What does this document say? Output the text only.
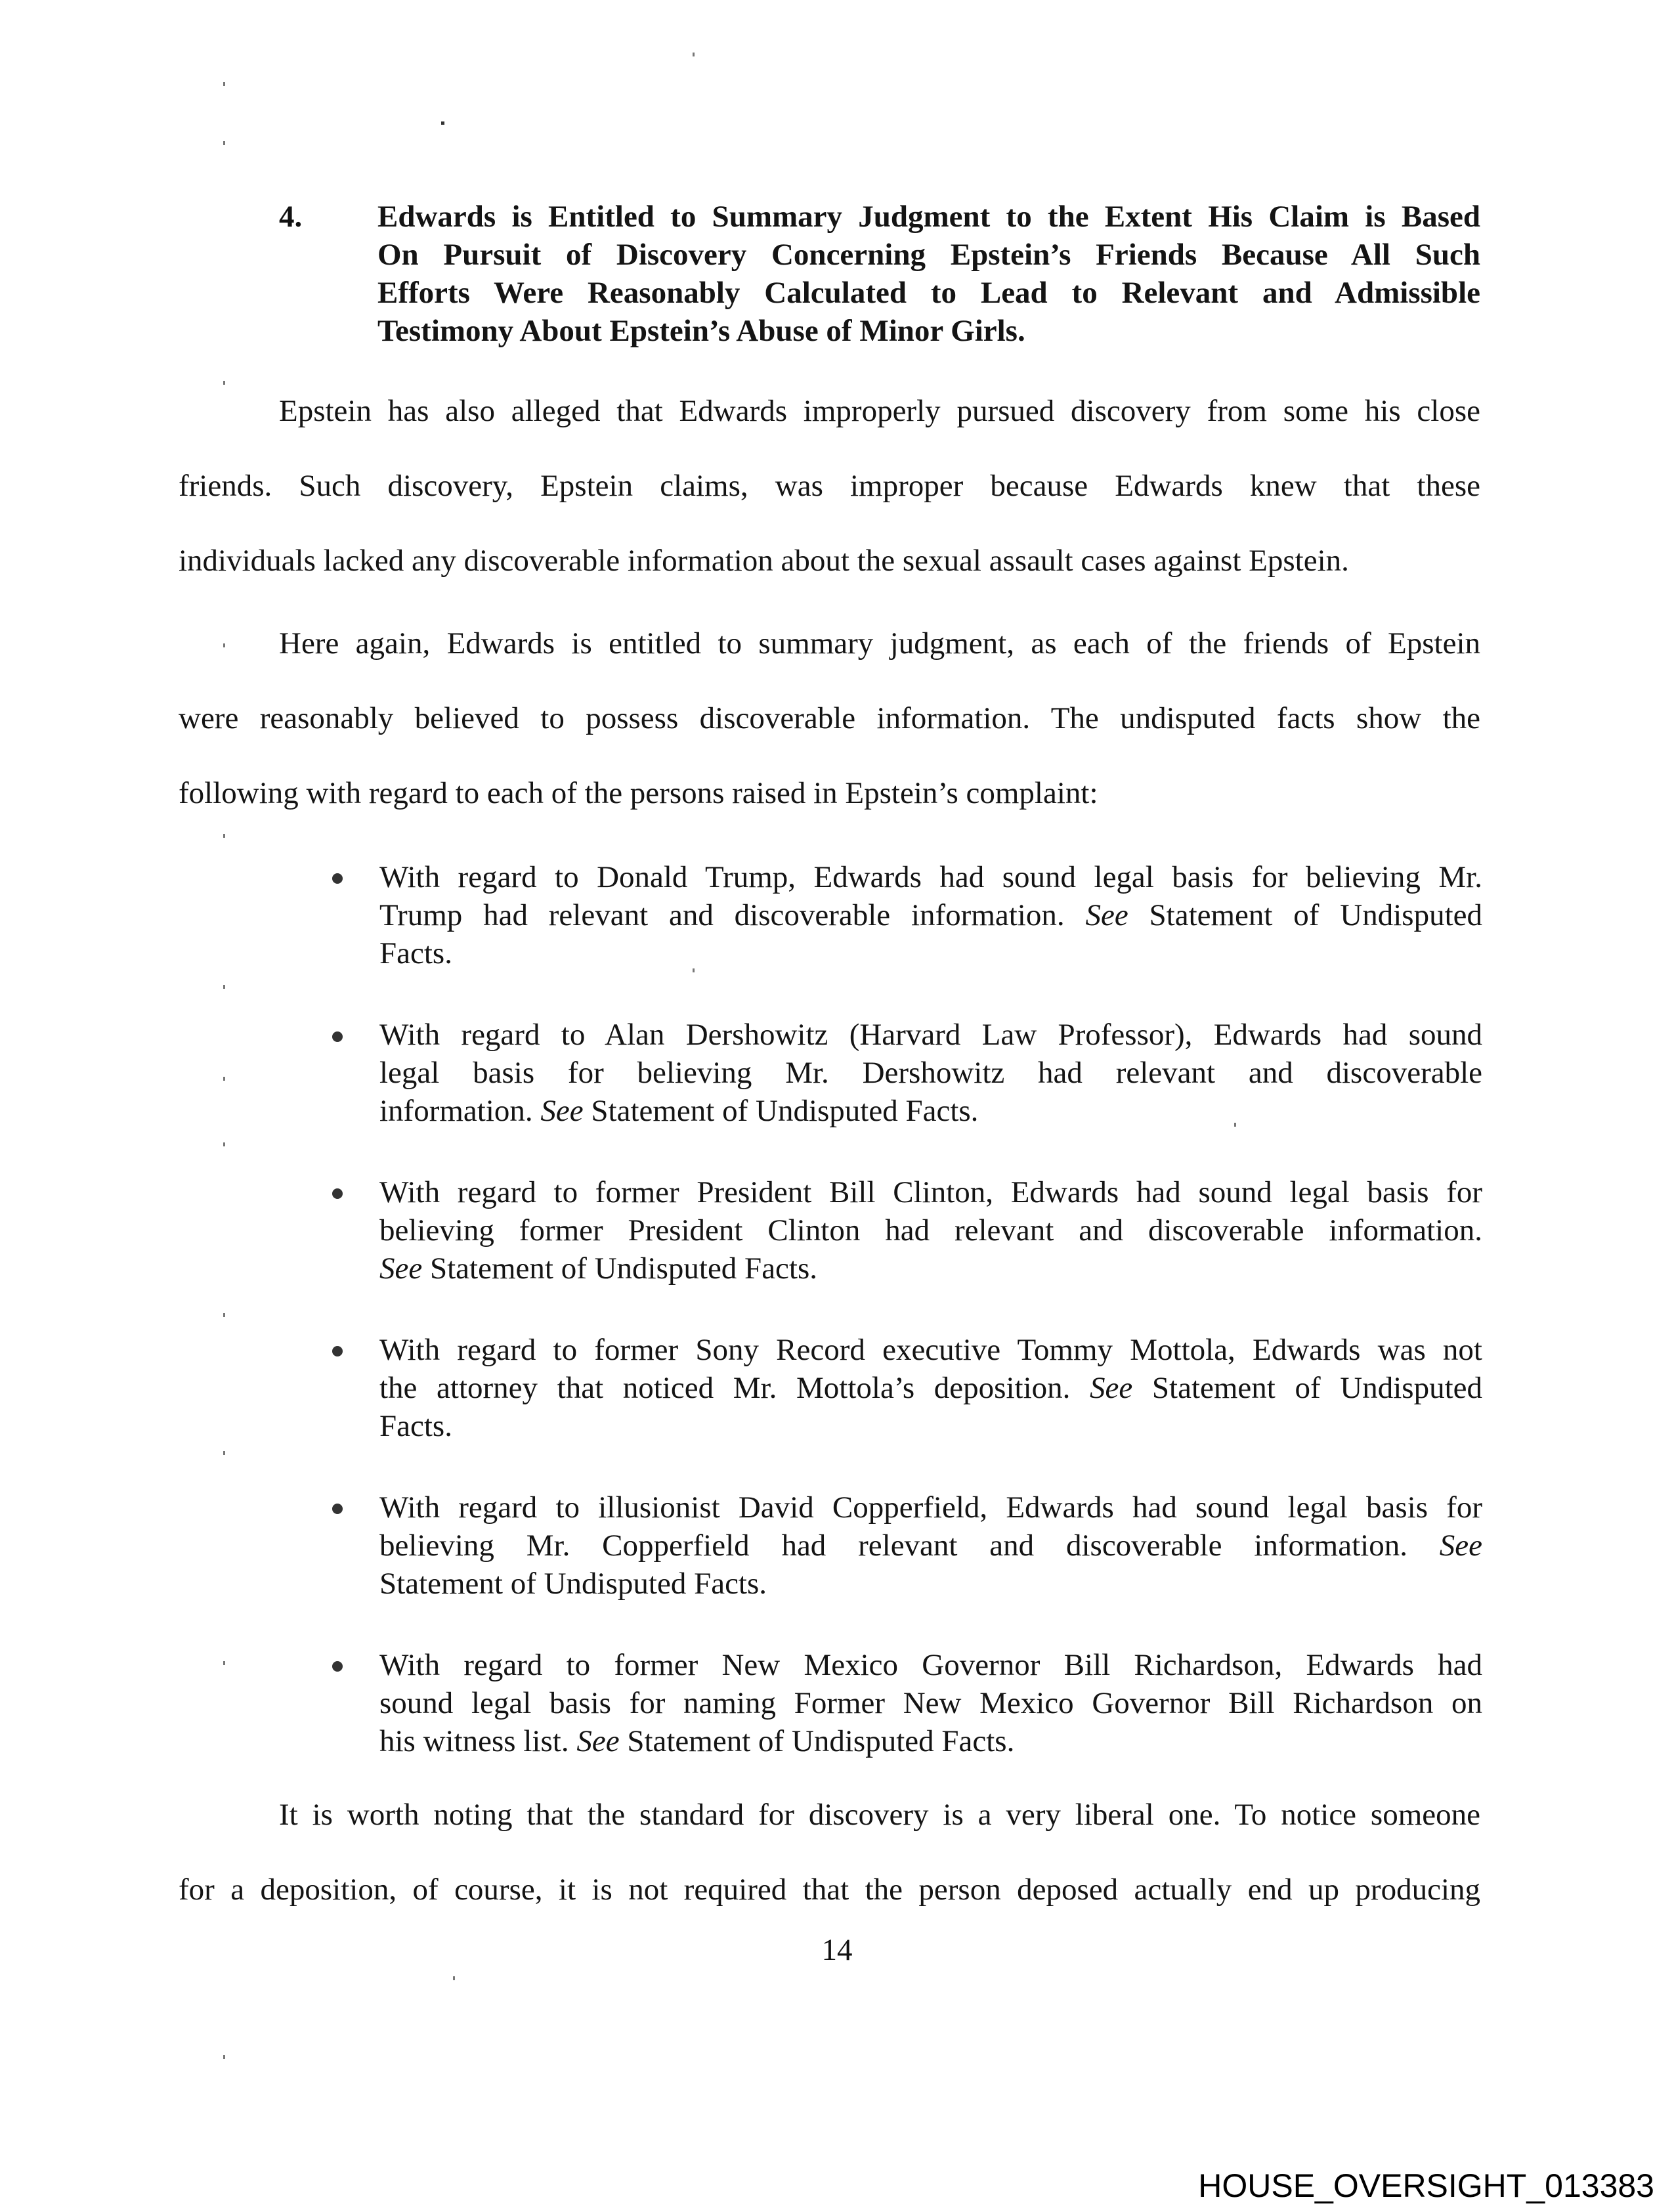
4. Edwards is Entitled to Summary Judgment to the Extent His Claim is Based
On Pursuit of Discovery Concerning Epstein’s Friends Because All Such
Efforts Were Reasonably Calculated to Lead to Relevant and Admissible
Testimony About Epstein’s Abuse of Minor Girls.
Epstein has also alleged that Edwards improperly pursued discovery from some his close
friends. Such discovery, Epstein claims, was improper because Edwards knew that these
individuals lacked any discoverable information about the sexual assault cases against Epstein.
Here again, Edwards is entitled to summary judgment, as each of the friends of Epstein
were reasonably believed to possess discoverable information. The undisputed facts show the
following with regard to each of the persons raised in Epstein’s complaint:
With regard to Donald Trump, Edwards had sound legal basis for believing Mr.
Trump had relevant and discoverable information. See Statement of Undisputed
Facts.
With regard to Alan Dershowitz (Harvard Law Professor), Edwards had sound
legal basis for believing Mr. Dershowitz had relevant and discoverable
information. See Statement of Undisputed Facts.
With regard to former President Bill Clinton, Edwards had sound legal basis for
believing former President Clinton had relevant and discoverable information.
See Statement of Undisputed Facts.
With regard to former Sony Record executive Tommy Mottola, Edwards was not
the attorney that noticed Mr. Mottola’s deposition. See Statement of Undisputed
Facts.
With regard to illusionist David Copperfield, Edwards had sound legal basis for
believing Mr. Copperfield had relevant and discoverable information. See
Statement of Undisputed Facts.
With regard to former New Mexico Governor Bill Richardson, Edwards had
sound legal basis for naming Former New Mexico Governor Bill Richardson on
his witness list. See Statement of Undisputed Facts.
It is worth noting that the standard for discovery is a very liberal one. To notice someone
for a deposition, of course, it is not required that the person deposed actually end up producing
14
HOUSE_OVERSIGHT_013383
